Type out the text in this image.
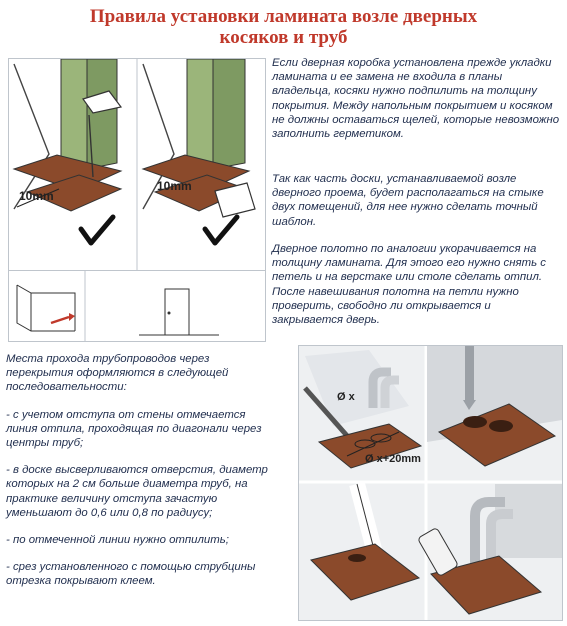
Правила установки ламината возле дверных
косяков и труб
10mm
10mm

Если дверная коробка установлена прежде укладки ламината и ее замена не входила в планы владельца, косяки нужно подпилить на толщину покрытия. Между напольным покрытием и косяком не должны оставаться щелей, которые невозможно заполнить герметиком.

Так как часть доски, устанавливаемой возле дверного проема, будет располагаться на стыке двух помещений, для нее нужно сделать точный шаблон.

Дверное полотно по аналогии укорачивается на толщину ламината. Для этого его нужно снять с петель и на верстаке или столе сделать отпил. После навешивания полотна на петли нужно проверить, свободно ли открывается и закрывается дверь.

Места прохода трубопроводов через перекрытия оформляются в следующей последовательности:

- с учетом отступа от стены отмечается линия отпила, проходящая по диагонали через центры труб;

- в доске высверливаются отверстия, диаметр которых на 2 см больше диаметра труб, на практике величину отступа зачастую уменьшают до 0,6 или 0,8 по радиусу;

- по отмеченной линии нужно отпилить;

- срез установленного с помощью струбцины отрезка покрывают клеем.

Ø x
Ø x+20mm
